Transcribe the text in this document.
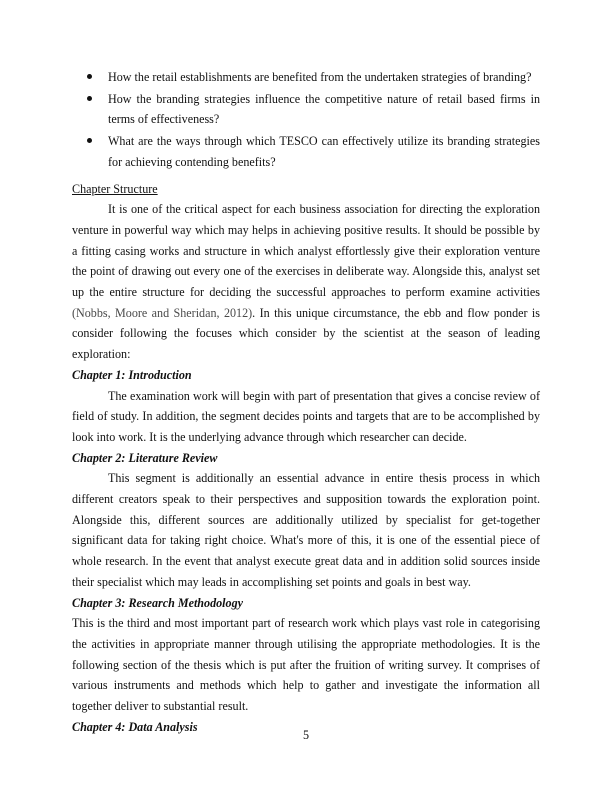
How the retail establishments are benefited from the undertaken strategies of branding?
How the branding strategies influence the competitive nature of retail based firms in terms of effectiveness?
What are the ways through which TESCO can effectively utilize its branding strategies for achieving contending benefits?
Chapter Structure

It is one of the critical aspect for each business association for directing the exploration venture in powerful way which may helps in achieving positive results. It should be possible by a fitting casing works and structure in which analyst effortlessly give their exploration venture the point of drawing out every one of the exercises in deliberate way. Alongside this, analyst set up the entire structure for deciding the successful approaches to perform examine activities (Nobbs, Moore and Sheridan, 2012). In this unique circumstance, the ebb and flow ponder is consider following the focuses which consider by the scientist at the season of leading exploration:

Chapter 1: Introduction

The examination work will begin with part of presentation that gives a concise review of field of study. In addition, the segment decides points and targets that are to be accomplished by look into work. It is the underlying advance through which researcher can decide.

Chapter 2: Literature Review

This segment is additionally an essential advance in entire thesis process in which different creators speak to their perspectives and supposition towards the exploration point. Alongside this, different sources are additionally utilized by specialist for get-together significant data for taking right choice. What's more of this, it is one of the essential piece of whole research. In the event that analyst execute great data and in addition solid sources inside their specialist which may leads in accomplishing set points and goals in best way.

Chapter 3: Research Methodology

This is the third and most important part of research work which plays vast role in categorising the activities in appropriate manner through utilising the appropriate methodologies. It is the following section of the thesis which is put after the fruition of writing survey. It comprises of various instruments and methods which help to gather and investigate the information all together deliver to substantial result.

Chapter 4: Data Analysis
5
